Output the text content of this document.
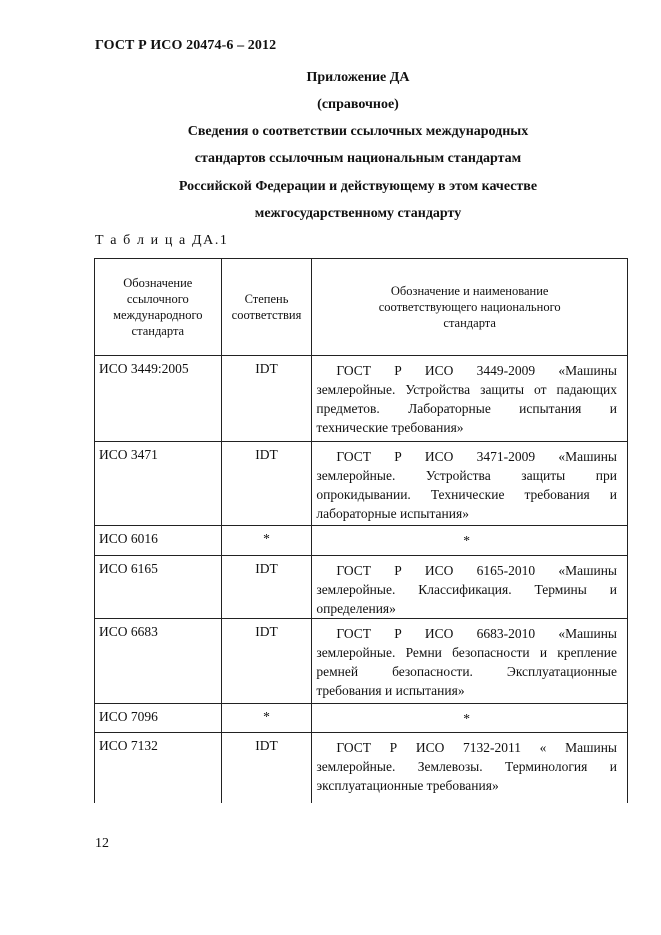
ГОСТ Р ИСО 20474-6 – 2012
Приложение ДА
(справочное)
Сведения о соответствии ссылочных международных
стандартов ссылочным национальным стандартам
Российской Федерации и действующему в этом качестве
межгосударственному стандарту
Т а б л и ц а ДА.1
Обозначение ссылочного международного стандарта	Степень соответствия	Обозначение и наименование соответствующего национального стандарта

ИСО 3449:2005	IDT	ГОСТ Р ИСО 3449-2009 «Машины землеройные. Устройства защиты от падающих предметов. Лабораторные испытания и технические требования»

ИСО 3471	IDT	ГОСТ Р ИСО 3471-2009 «Машины землеройные. Устройства защиты при опрокидывании. Технические требования и лабораторные испытания»

ИСО 6016	*	*

ИСО 6165	IDT	ГОСТ Р ИСО 6165-2010 «Машины землеройные. Классификация. Термины и определения»

ИСО 6683	IDT	ГОСТ Р ИСО 6683-2010 «Машины землеройные. Ремни безопасности и крепление ремней безопасности. Эксплуатационные требования и испытания»

ИСО 7096	*	*

ИСО 7132	IDT	ГОСТ Р ИСО 7132-2011 « Машины землеройные. Землевозы. Терминология и эксплуатационные требования»
12
